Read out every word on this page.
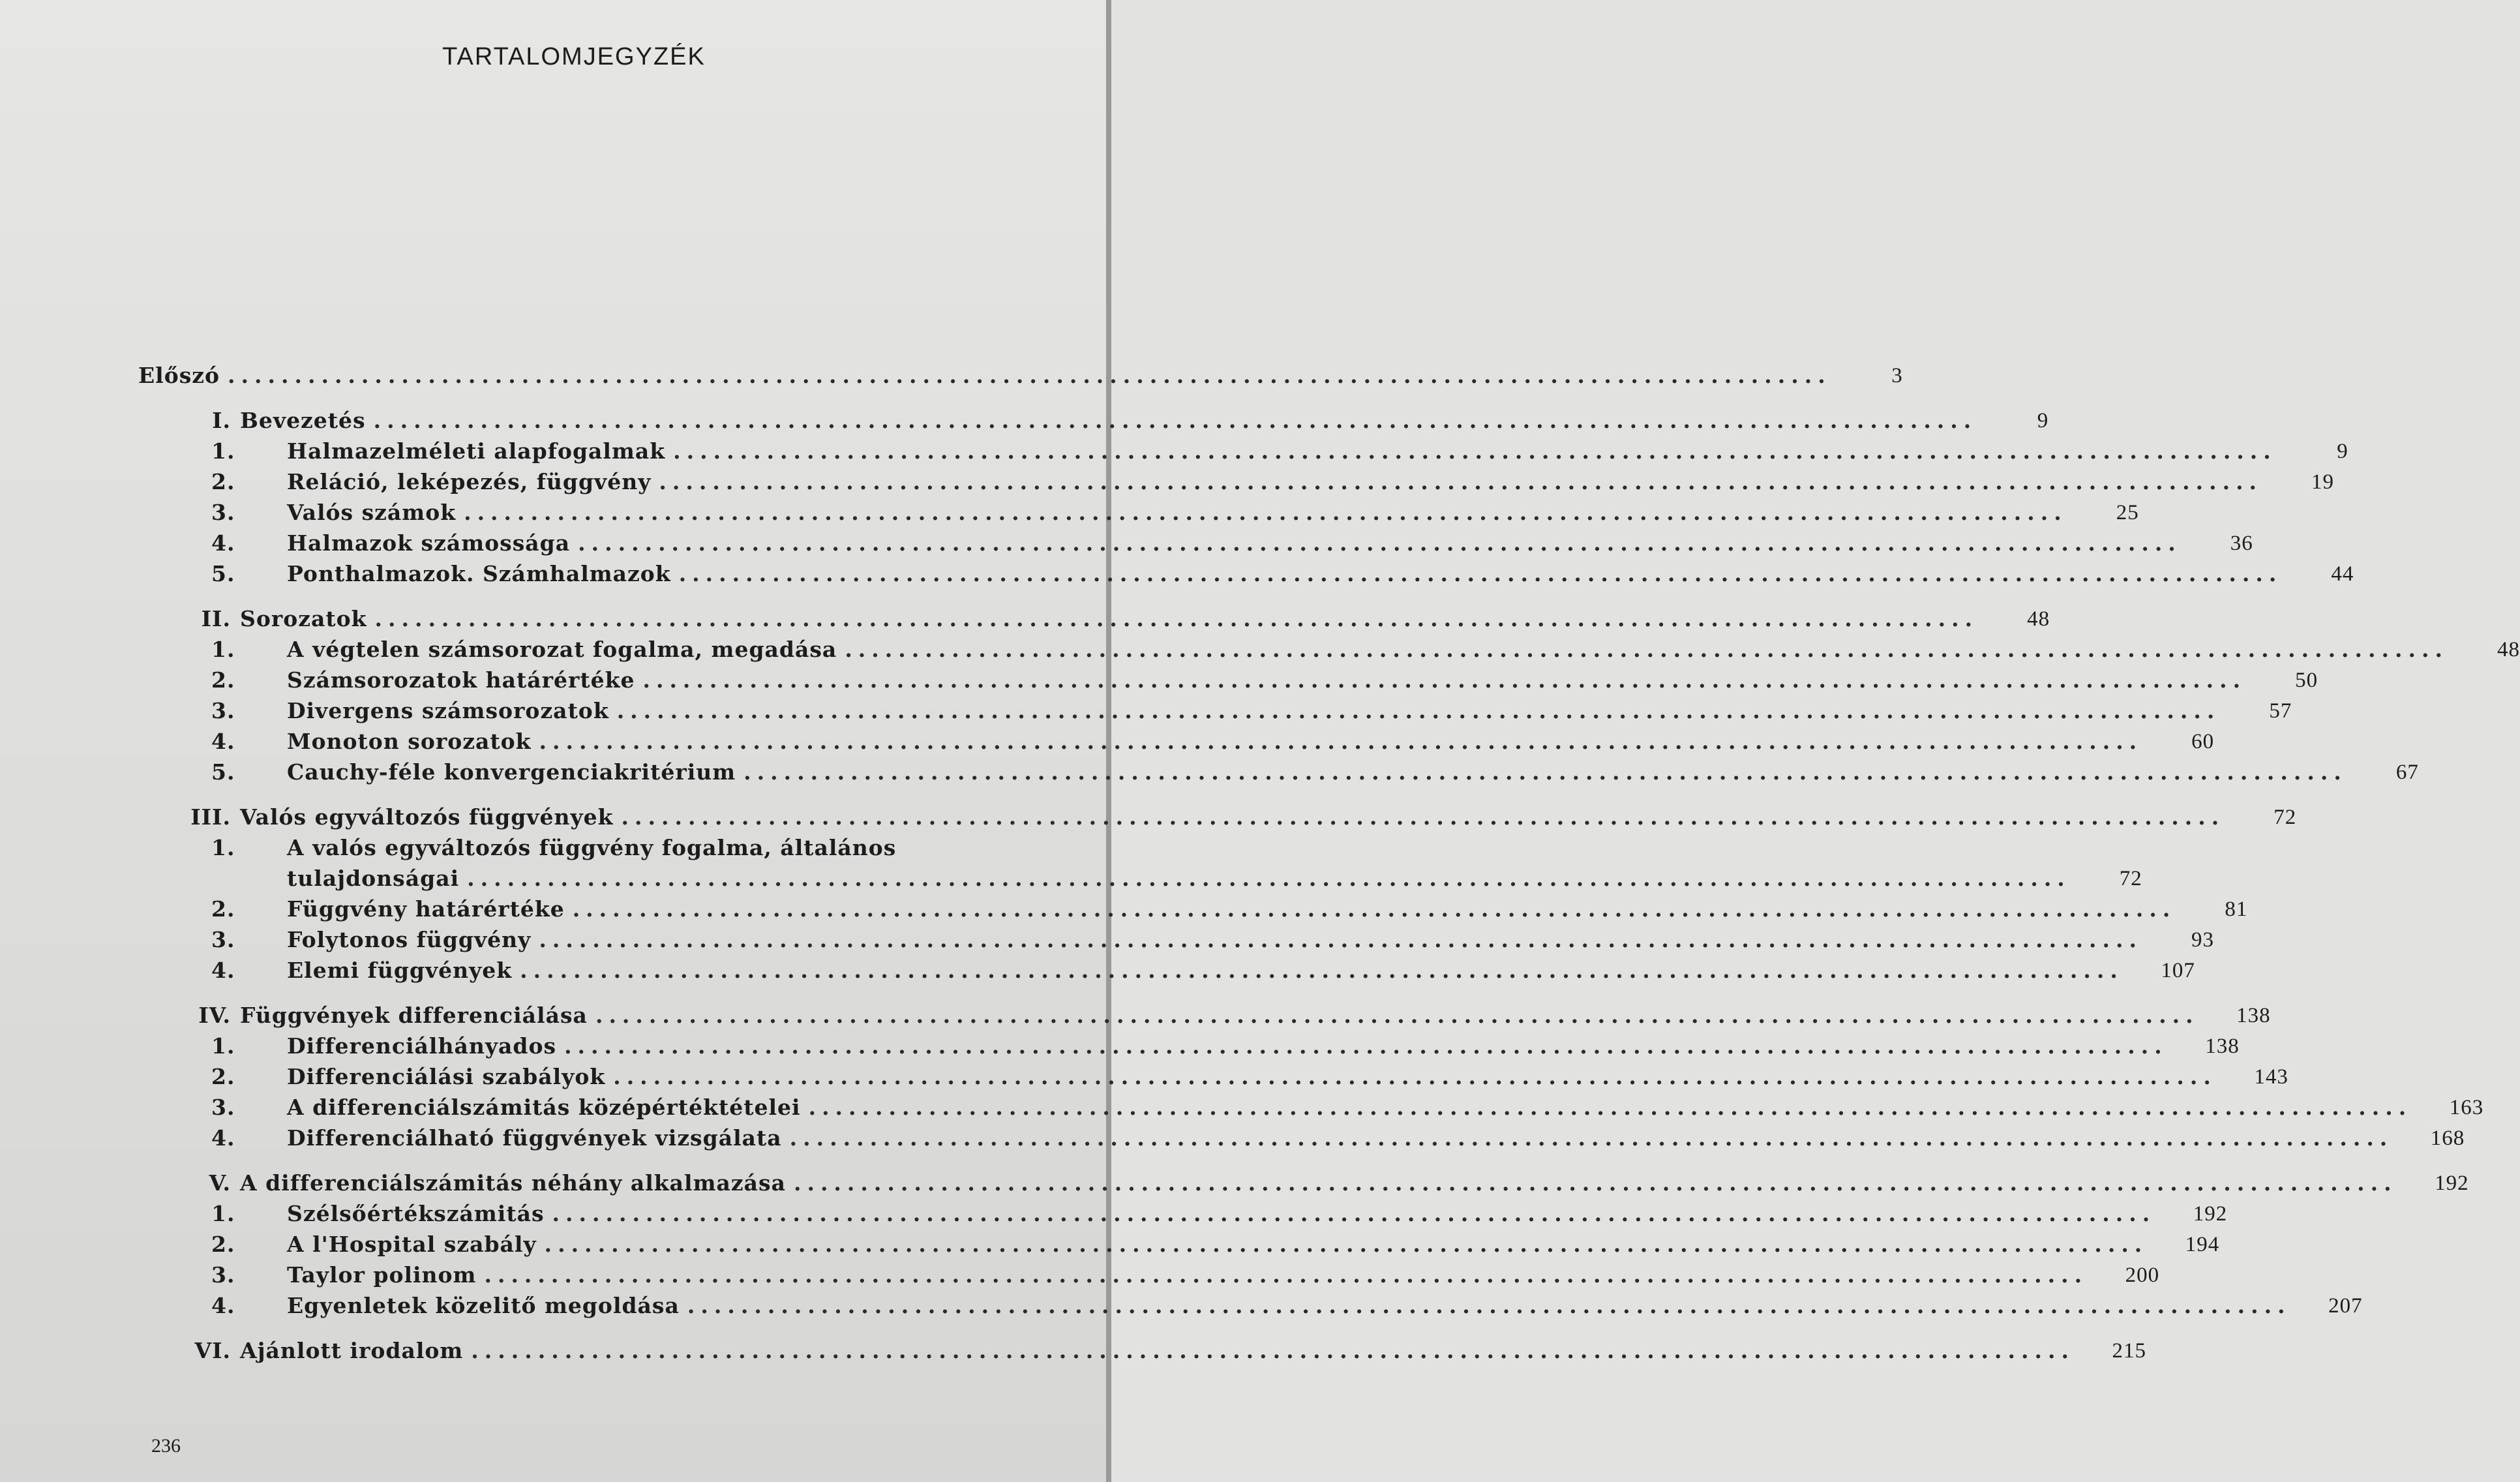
TARTALOMJEGYZÉK
Előszó ........................................................................................................................	3
I. Bevezetés ........................................................................................................................	9
1.	Halmazelméleti alapfogalmak ........................................................................................................................	9
2.	Reláció, leképezés, függvény ........................................................................................................................	19
3.	Valós számok ........................................................................................................................	25
4.	Halmazok számossága ........................................................................................................................	36
5.	Ponthalmazok. Számhalmazok ........................................................................................................................	44
II. Sorozatok ........................................................................................................................	48
1.	A végtelen számsorozat fogalma, megadása ........................................................................................................................	48
2.	Számsorozatok határértéke ........................................................................................................................	50
3.	Divergens számsorozatok ........................................................................................................................	57
4.	Monoton sorozatok ........................................................................................................................	60
5.	Cauchy-féle konvergenciakritérium ........................................................................................................................	67
III. Valós egyváltozós függvények ........................................................................................................................	72
1.	A valós egyváltozós függvény fogalma, általános
tulajdonságai ........................................................................................................................	72
2.	Függvény határértéke ........................................................................................................................	81
3.	Folytonos függvény ........................................................................................................................	93
4.	Elemi függvények ........................................................................................................................	107
IV. Függvények differenciálása ........................................................................................................................	138
1.	Differenciálhányados ........................................................................................................................	138
2.	Differenciálási szabályok ........................................................................................................................	143
3.	A differenciálszámitás középértéktételei ........................................................................................................................	163
4.	Differenciálható függvények vizsgálata ........................................................................................................................	168
V. A differenciálszámitás néhány alkalmazása ........................................................................................................................	192
1.	Szélsőértékszámitás ........................................................................................................................	192
2.	A l'Hospital szabály ........................................................................................................................	194
3.	Taylor polinom ........................................................................................................................	200
4.	Egyenletek közelitő megoldása ........................................................................................................................	207
VI. Ajánlott irodalom ........................................................................................................................	215
236
